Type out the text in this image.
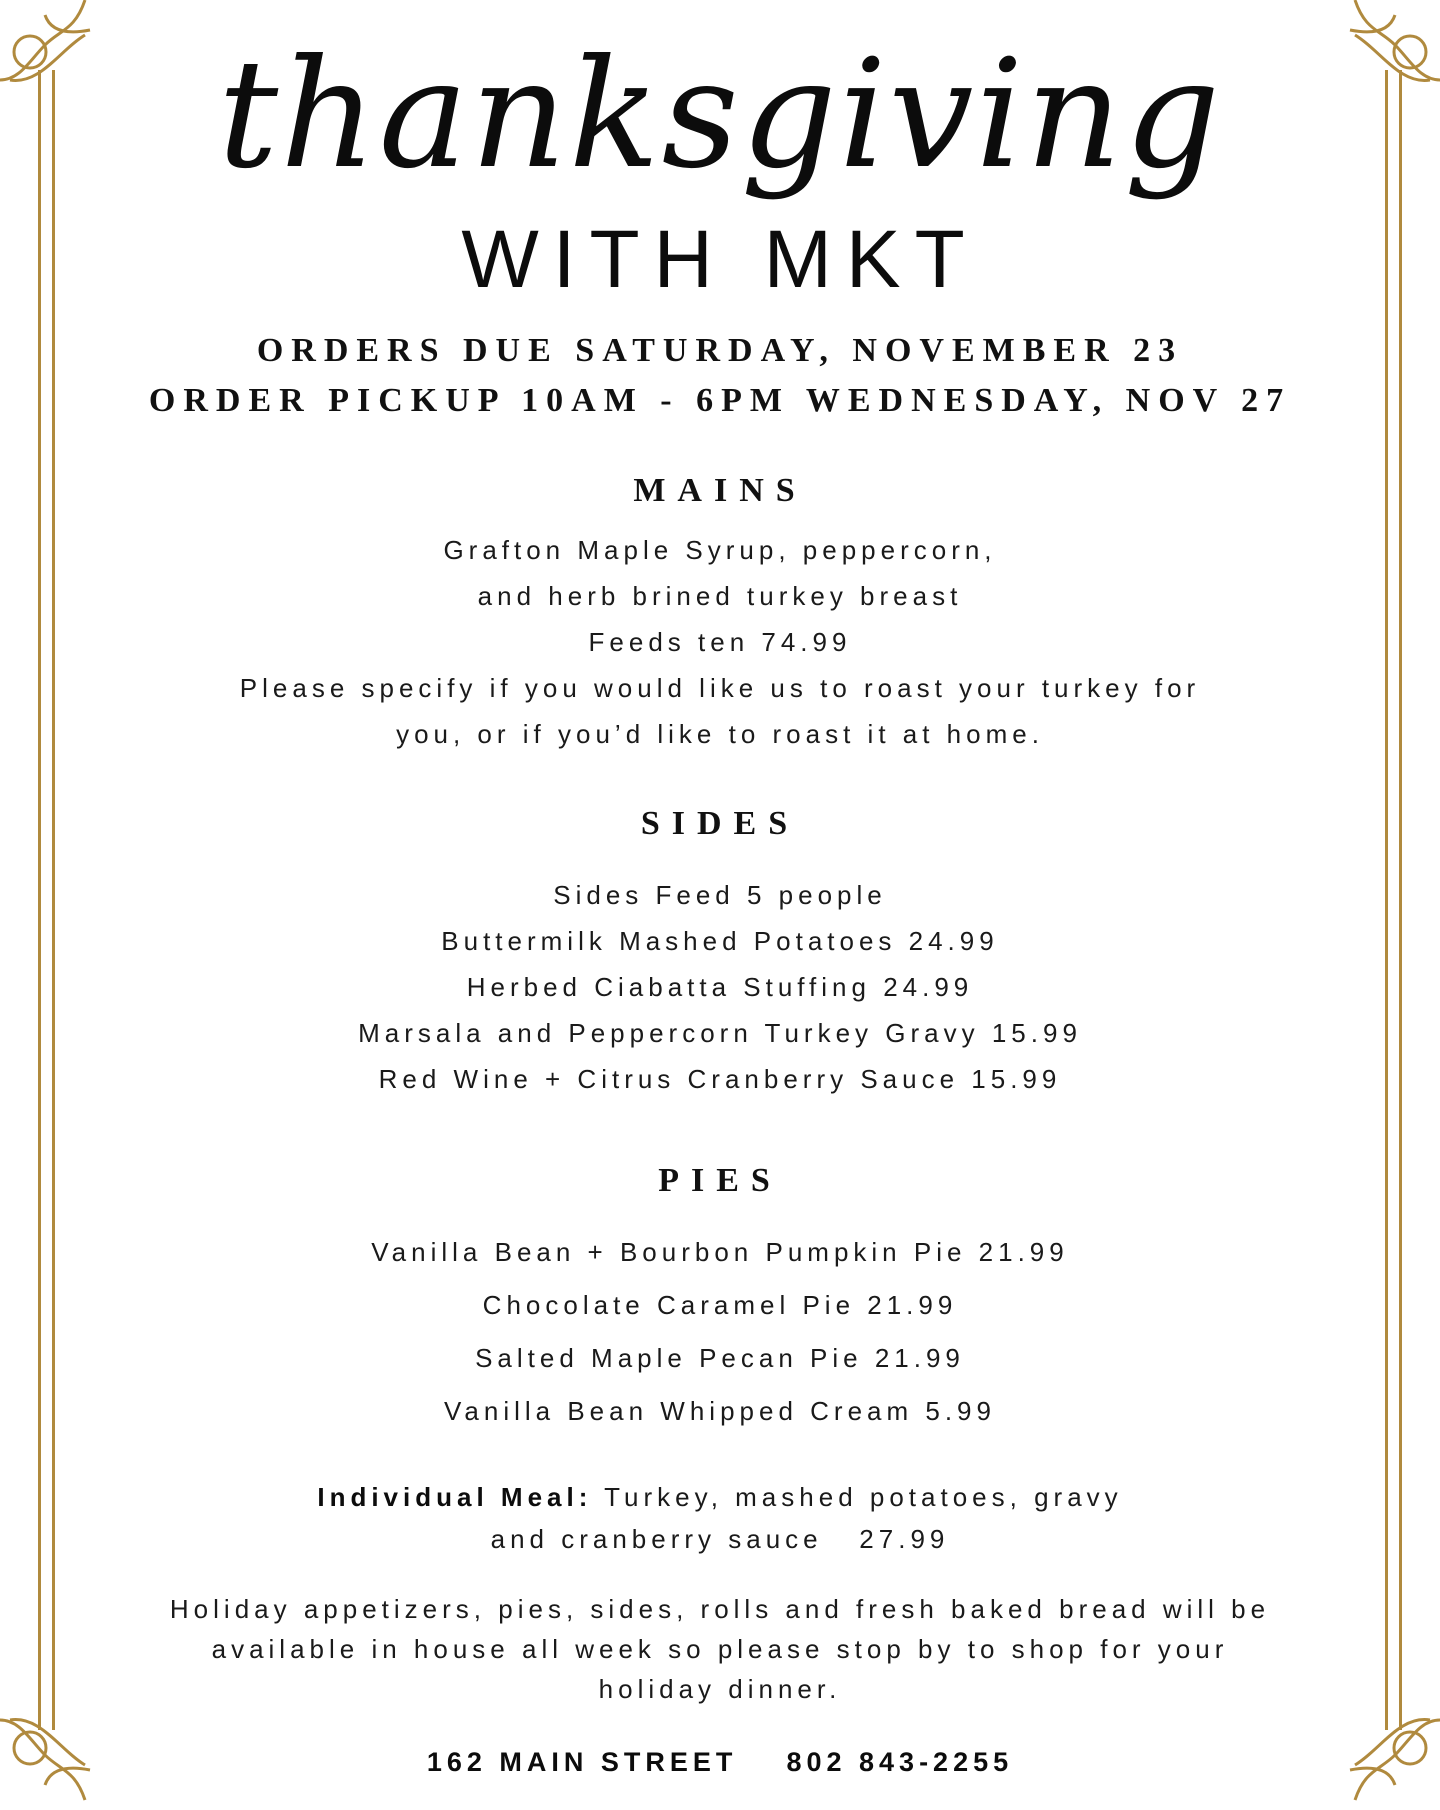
thanksgiving
WITH MKT
ORDERS DUE SATURDAY, NOVEMBER 23
ORDER PICKUP 10AM - 6PM WEDNESDAY, NOV 27
MAINS
Grafton Maple Syrup, peppercorn,
and herb brined turkey breast
Feeds ten 74.99
Please specify if you would like us to roast your turkey for
you, or if you’d like to roast it at home.
SIDES
Sides Feed 5 people
Buttermilk Mashed Potatoes 24.99
Herbed Ciabatta Stuffing 24.99
Marsala and Peppercorn Turkey Gravy 15.99
Red Wine + Citrus Cranberry Sauce 15.99
PIES
Vanilla Bean + Bourbon Pumpkin Pie 21.99
Chocolate Caramel Pie 21.99
Salted Maple Pecan Pie 21.99
Vanilla Bean Whipped Cream 5.99
Individual Meal: Turkey, mashed potatoes, gravy
and cranberry sauce   27.99
Holiday appetizers, pies, sides, rolls and fresh baked bread will be
available in house all week so please stop by to shop for your
holiday dinner.
162 MAIN STREET 802 843-2255
